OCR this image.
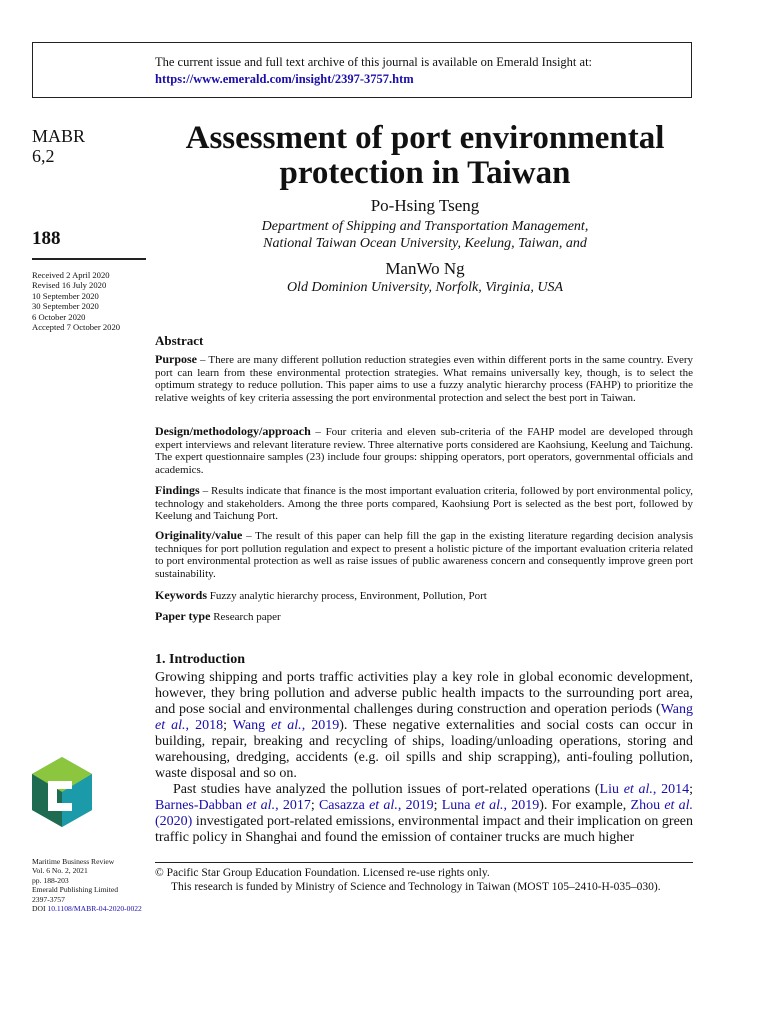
The current issue and full text archive of this journal is available on Emerald Insight at:
https://www.emerald.com/insight/2397-3757.htm
MABR
6,2
188
Received 2 April 2020
Revised 16 July 2020
10 September 2020
30 September 2020
6 October 2020
Accepted 7 October 2020
Maritime Business Review
Vol. 6 No. 2, 2021
pp. 188-203
Emerald Publishing Limited
2397-3757
DOI 10.1108/MABR-04-2020-0022
Assessment of port environmental
protection in Taiwan
Po-Hsing Tseng
Department of Shipping and Transportation Management,
National Taiwan Ocean University, Keelung, Taiwan, and
ManWo Ng
Old Dominion University, Norfolk, Virginia, USA
Abstract
Purpose – There are many different pollution reduction strategies even within different ports in the same country. Every port can learn from these environmental protection strategies. What remains universally key, though, is to select the optimum strategy to reduce pollution. This paper aims to use a fuzzy analytic hierarchy process (FAHP) to prioritize the relative weights of key criteria assessing the port environmental protection and select the best port in Taiwan.
Design/methodology/approach – Four criteria and eleven sub-criteria of the FAHP model are developed through expert interviews and relevant literature review. Three alternative ports considered are Kaohsiung, Keelung and Taichung. The expert questionnaire samples (23) include four groups: shipping operators, port operators, governmental officials and academics.
Findings – Results indicate that finance is the most important evaluation criteria, followed by port environmental policy, technology and stakeholders. Among the three ports compared, Kaohsiung Port is selected as the best port, followed by Keelung and Taichung Port.
Originality/value – The result of this paper can help fill the gap in the existing literature regarding decision analysis techniques for port pollution regulation and expect to present a holistic picture of the important evaluation criteria related to port environmental protection as well as raise issues of public awareness concern and consequently improve green port sustainability.
Keywords Fuzzy analytic hierarchy process, Environment, Pollution, Port
Paper type Research paper
1. Introduction
Growing shipping and ports traffic activities play a key role in global economic development, however, they bring pollution and adverse public health impacts to the surrounding port area, and pose social and environmental challenges during construction and operation periods (Wang et al., 2018; Wang et al., 2019). These negative externalities and social costs can occur in building, repair, breaking and recycling of ships, loading/unloading operations, storing and warehousing, dredging, accidents (e.g. oil spills and ship scrapping), anti-fouling pollution, waste disposal and so on.
Past studies have analyzed the pollution issues of port-related operations (Liu et al., 2014; Barnes-Dabban et al., 2017; Casazza et al., 2019; Luna et al., 2019). For example, Zhou et al. (2020) investigated port-related emissions, environmental impact and their implication on green traffic policy in Shanghai and found the emission of container trucks are much higher
© Pacific Star Group Education Foundation. Licensed re-use rights only.
This research is funded by Ministry of Science and Technology in Taiwan (MOST 105–2410-H-035–030).
